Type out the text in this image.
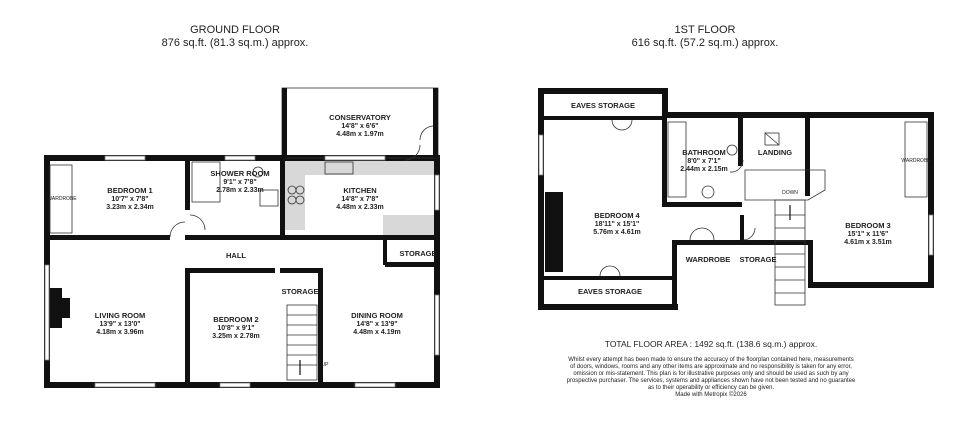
GROUND FLOOR
876 sq.ft. (81.3 sq.m.) approx.
1ST FLOOR
616 sq.ft. (57.2 sq.m.) approx.
CONSERVATORY
14'8" x 6'6"
4.48m x 1.97m
BEDROOM 1
10'7" x 7'8"
3.23m x 2.34m
WARDROBE
SHOWER ROOM
9'1" x 7'8"
2.78m x 2.33m	KITCHEN
14'8" x 7'8"
4.48m x 2.33m
HALL	STORAGE
STORAGE
LIVING ROOM
13'9" x 13'0"
4.18m x 3.96m
BEDROOM 2
10'8" x 9'1"
3.25m x 2.78m
DINING ROOM
14'8" x 13'9"
4.48m x 4.19m
UP
EAVES STORAGE
EAVES STORAGE
BATHROOM
8'0" x 7'1"
2.44m x 2.15m
LANDING
DOWN
BEDROOM 4
18'11" x 15'1"
5.76m x 4.61m
BEDROOM 3
15'1" x 11'6"
4.61m x 3.51m
WARDROBE
WARDROBE STORAGE
TOTAL FLOOR AREA : 1492 sq.ft. (138.6 sq.m.) approx.
Whilst every attempt has been made to ensure the accuracy of the floorplan contained here, measurements
of doors, windows, rooms and any other items are approximate and no responsibility is taken for any error,
omission or mis-statement. This plan is for illustrative purposes only and should be used as such by any
prospective purchaser. The services, systems and appliances shown have not been tested and no guarantee
as to their operability or efficiency can be given.
Made with Metropix ©2026
